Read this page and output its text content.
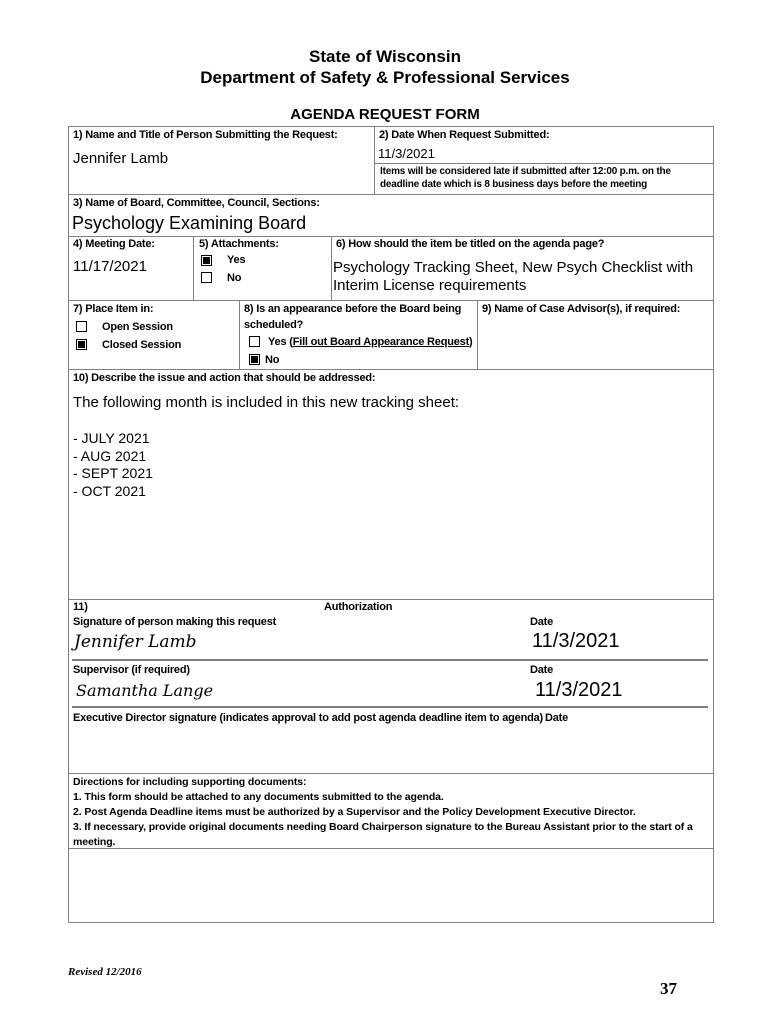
State of Wisconsin
Department of Safety & Professional Services
AGENDA REQUEST FORM
1) Name and Title of Person Submitting the Request:
Jennifer Lamb
2) Date When Request Submitted:
11/3/2021
Items will be considered late if submitted after 12:00 p.m. on the deadline date which is 8 business days before the meeting
3) Name of Board, Committee, Council, Sections:
Psychology Examining Board
4) Meeting Date:
11/17/2021
5) Attachments:
Yes
No
6) How should the item be titled on the agenda page?
Psychology Tracking Sheet, New Psych Checklist with
Interim License requirements
7) Place Item in:
Open Session
Closed Session
8) Is an appearance before the Board being
scheduled?
Yes (Fill out Board Appearance Request)
No
9) Name of Case Advisor(s), if required:
10) Describe the issue and action that should be addressed:
The following month is included in this new tracking sheet:
- JULY 2021
- AUG 2021
- SEPT 2021
- OCT 2021
11)	Authorization
Signature of person making this request	Date
Jennifer Lamb	11/3/2021
Supervisor (if required)	Date
Samantha Lange	11/3/2021
Executive Director signature (indicates approval to add post agenda deadline item to agenda) Date
Directions for including supporting documents:
1. This form should be attached to any documents submitted to the agenda.
2. Post Agenda Deadline items must be authorized by a Supervisor and the Policy Development Executive Director.
3. If necessary, provide original documents needing Board Chairperson signature to the Bureau Assistant prior to the start of a
meeting.
Revised 12/2016
37
